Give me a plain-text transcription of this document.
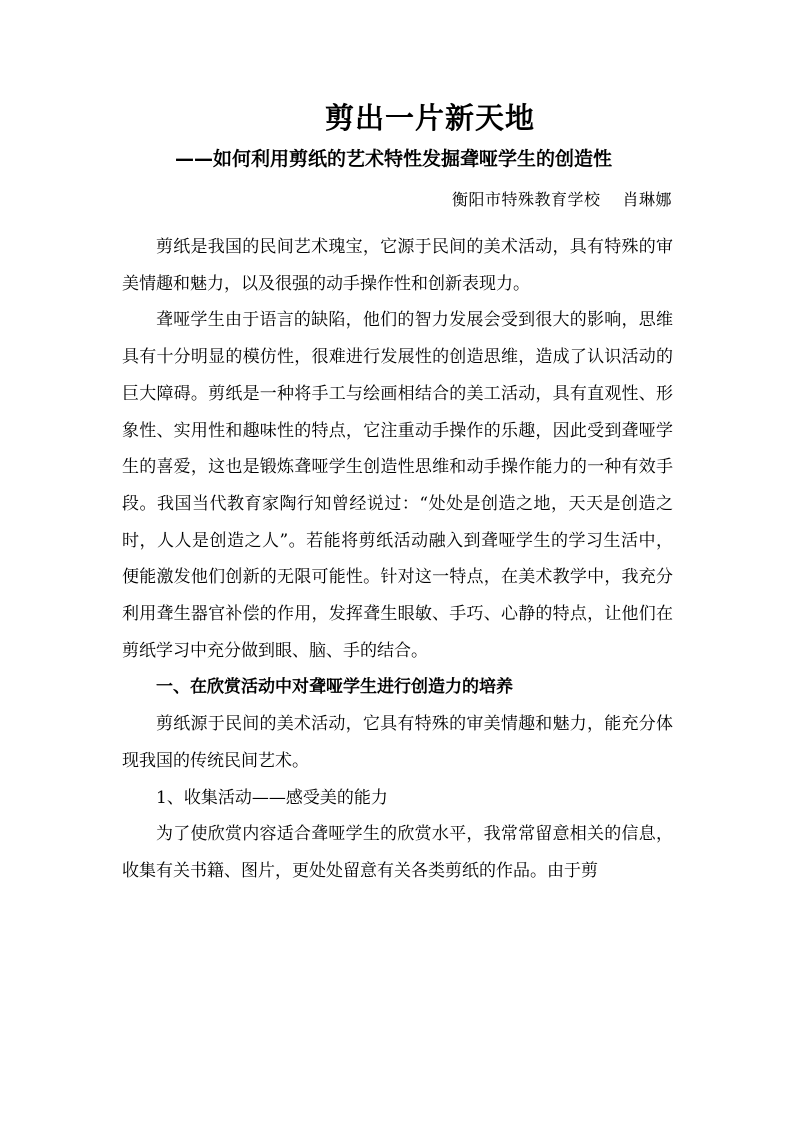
剪出一片新天地
——如何利用剪纸的艺术特性发掘聋哑学生的创造性
衡阳市特殊教育学校 肖琳娜

剪纸是我国的民间艺术瑰宝，它源于民间的美术活动，具有特殊的审美情趣和魅力，以及很强的动手操作性和创新表现力。

聋哑学生由于语言的缺陷，他们的智力发展会受到很大的影响，思维具有十分明显的模仿性，很难进行发展性的创造思维，造成了认识活动的巨大障碍。剪纸是一种将手工与绘画相结合的美工活动，具有直观性、形象性、实用性和趣味性的特点，它注重动手操作的乐趣，因此受到聋哑学生的喜爱，这也是锻炼聋哑学生创造性思维和动手操作能力的一种有效手段。我国当代教育家陶行知曾经说过：“处处是创造之地，天天是创造之时，人人是创造之人”。若能将剪纸活动融入到聋哑学生的学习生活中，便能激发他们创新的无限可能性。针对这一特点，在美术教学中，我充分利用聋生器官补偿的作用，发挥聋生眼敏、手巧、心静的特点，让他们在剪纸学习中充分做到眼、脑、手的结合。

一、在欣赏活动中对聋哑学生进行创造力的培养

剪纸源于民间的美术活动，它具有特殊的审美情趣和魅力，能充分体现我国的传统民间艺术。

1、收集活动——感受美的能力

为了使欣赏内容适合聋哑学生的欣赏水平，我常常留意相关的信息，收集有关书籍、图片，更处处留意有关各类剪纸的作品。由于剪
